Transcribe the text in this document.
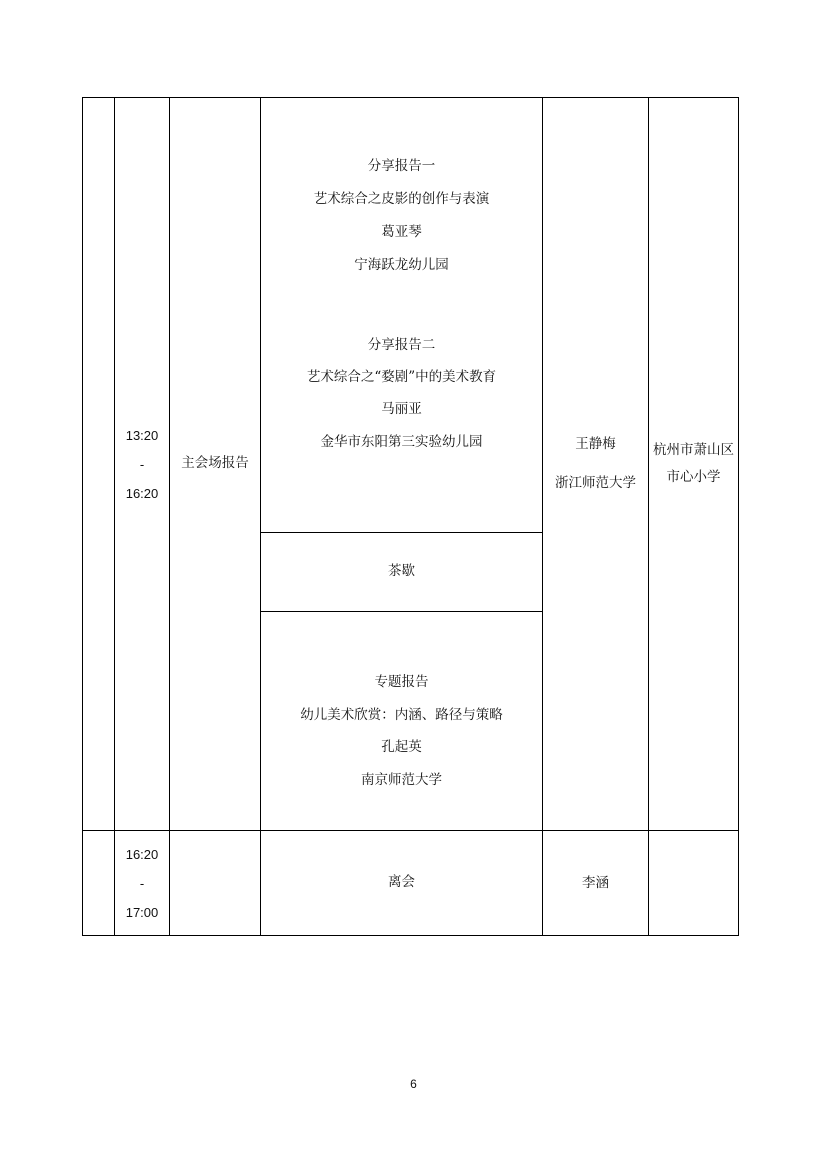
13:20
-
16:20
主会场报告
分享报告一
艺术综合之皮影的创作与表演
葛亚琴
宁海跃龙幼儿园
分享报告二
艺术综合之“婺剧”中的美术教育
马丽亚
金华市东阳第三实验幼儿园
茶歇
专题报告
幼儿美术欣赏：内涵、路径与策略
孔起英
南京师范大学
王静梅
浙江师范大学
杭州市萧山区
市心小学
16:20
-
17:00
离会	李涵
6
